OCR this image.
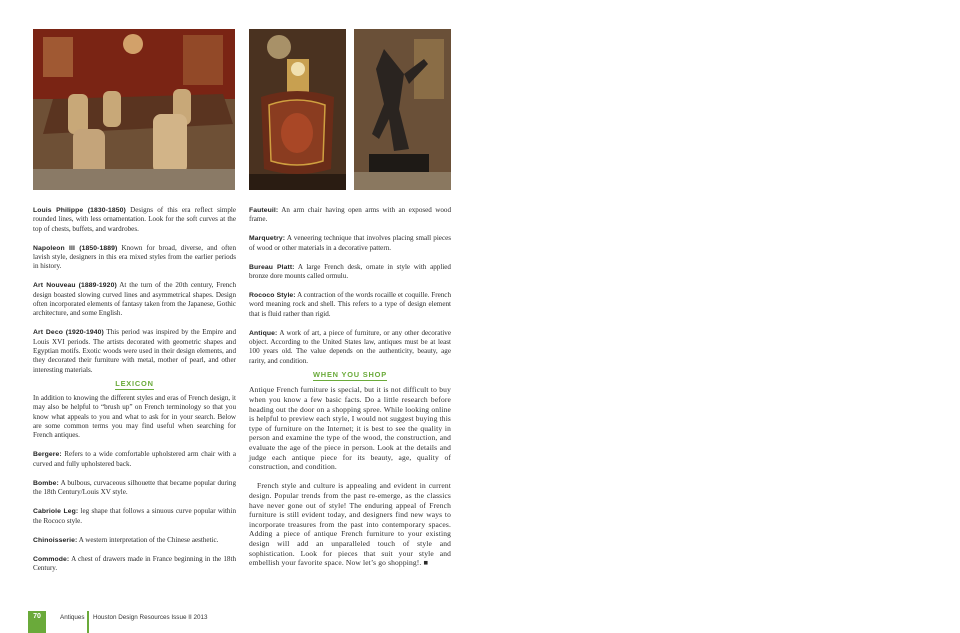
Louis Philippe (1830-1850) Designs of this era reflect simple rounded lines, with less ornamentation. Look for the soft curves at the top of chests, buffets, and wardrobes.

Napoleon III (1850-1889) Known for broad, diverse, and often lavish style, designers in this era mixed styles from the earlier periods in history.

Art Nouveau (1889-1920) At the turn of the 20th century, French design boasted slowing curved lines and asymmetrical shapes. Design often incorporated elements of fantasy taken from the Japanese, Gothic architecture, and some English.

Art Deco (1920-1940) This period was inspired by the Empire and Louis XVI periods. The artists decorated with geometric shapes and Egyptian motifs. Exotic woods were used in their design elements, and they decorated their furniture with metal, mother of pearl, and other interesting materials.

LEXICON

In addition to knowing the different styles and eras of French design, it may also be helpful to “brush up” on French terminology so that you know what appeals to you and what to ask for in your search. Below are some common terms you may find useful when searching for French antiques.

Bergere: Refers to a wide comfortable upholstered arm chair with a curved and fully upholstered back.

Bombe: A bulbous, curvaceous silhouette that became popular during the 18th Century/Louis XV style.

Cabriole Leg: leg shape that follows a sinuous curve popular within the Rococo style.

Chinoisserie: A western interpretation of the Chinese aesthetic.

Commode: A chest of drawers made in France beginning in the 18th Century.

Fauteuil: An arm chair having open arms with an exposed wood frame.

Marquetry: A veneering technique that involves placing small pieces of wood or other materials in a decorative pattern.

Bureau Platt: A large French desk, ornate in style with applied bronze dore mounts called ormulu.

Rococo Style: A contraction of the words rocaille et coquille. French word meaning rock and shell. This refers to a type of design element that is fluid rather than rigid.

Antique: A work of art, a piece of furniture, or any other decorative object. According to the United States law, antiques must be at least 100 years old. The value depends on the authenticity, beauty, age rarity, and condition.

WHEN YOU SHOP

Antique French furniture is special, but it is not difficult to buy when you know a few basic facts. Do a little research before heading out the door on a shopping spree. While looking online is helpful to preview each style, I would not suggest buying this type of furniture on the Internet; it is best to see the quality in person and examine the type of the wood, the construction, and evaluate the age of the piece in person. Look at the details and judge each antique piece for its beauty, age, quality of construction, and condition.

French style and culture is appealing and evident in current design. Popular trends from the past re-emerge, as the classics have never gone out of style! The enduring appeal of French furniture is still evident today, and designers find new ways to incorporate treasures from the past into contemporary spaces. Adding a piece of antique French furniture to your existing design will add an unparalleled touch of style and sophistication. Look for pieces that suit your style and embellish your favorite space. Now let’s go shopping!. ■

70	Antiques Houston Design Resources Issue II 2013
